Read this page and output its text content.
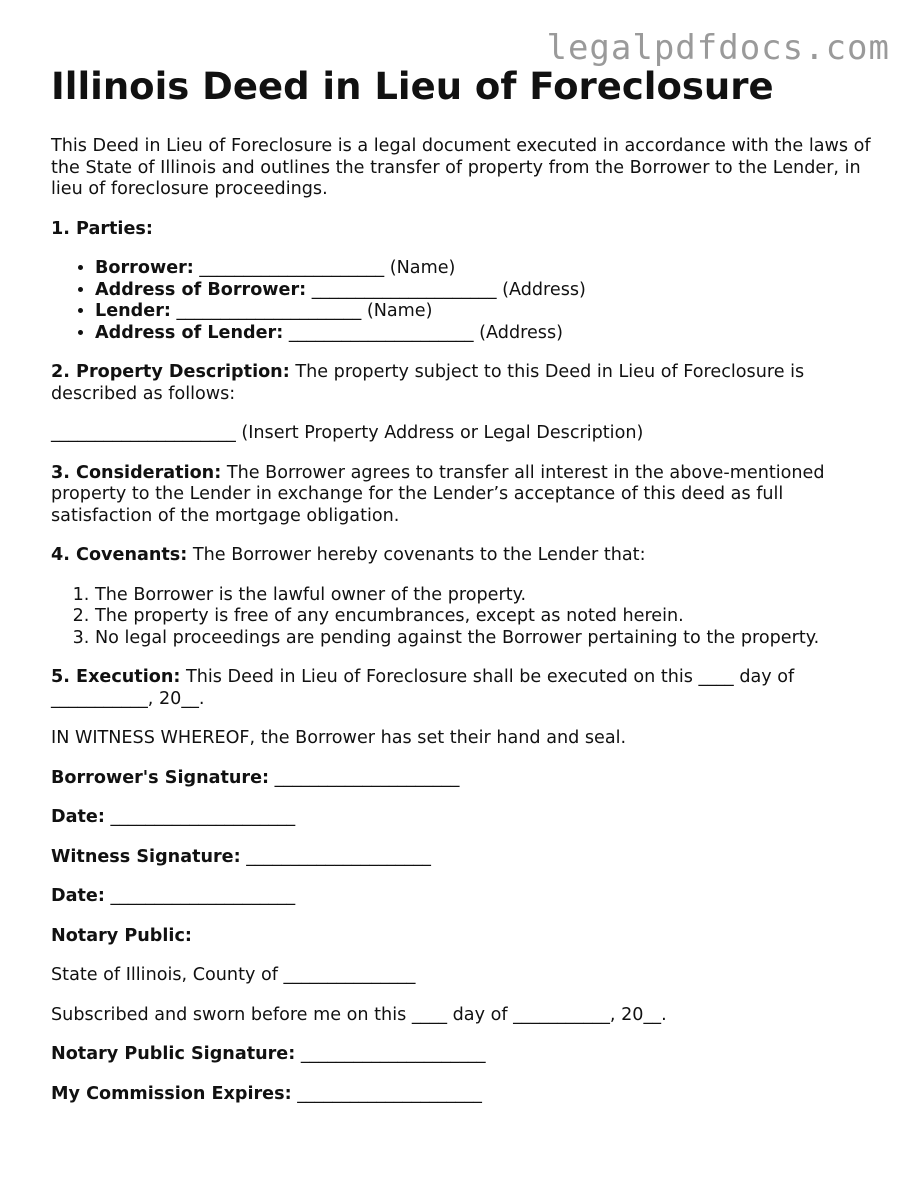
legalpdfdocs.com
Illinois Deed in Lieu of Foreclosure

This Deed in Lieu of Foreclosure is a legal document executed in accordance with the laws of the State of Illinois and outlines the transfer of property from the Borrower to the Lender, in lieu of foreclosure proceedings.

1. Parties:

• Borrower: _____________________ (Name)
• Address of Borrower: _____________________ (Address)
• Lender: _____________________ (Name)
• Address of Lender: _____________________ (Address)

2. Property Description: The property subject to this Deed in Lieu of Foreclosure is described as follows:

_____________________ (Insert Property Address or Legal Description)

3. Consideration: The Borrower agrees to transfer all interest in the above-mentioned property to the Lender in exchange for the Lender’s acceptance of this deed as full satisfaction of the mortgage obligation.

4. Covenants: The Borrower hereby covenants to the Lender that:

1. The Borrower is the lawful owner of the property.
2. The property is free of any encumbrances, except as noted herein.
3. No legal proceedings are pending against the Borrower pertaining to the property.

5. Execution: This Deed in Lieu of Foreclosure shall be executed on this ____ day of ___________, 20__.

IN WITNESS WHEREOF, the Borrower has set their hand and seal.

Borrower's Signature: _____________________

Date: _____________________

Witness Signature: _____________________

Date: _____________________

Notary Public:

State of Illinois, County of _______________

Subscribed and sworn before me on this ____ day of ___________, 20__.

Notary Public Signature: _____________________

My Commission Expires: _____________________
